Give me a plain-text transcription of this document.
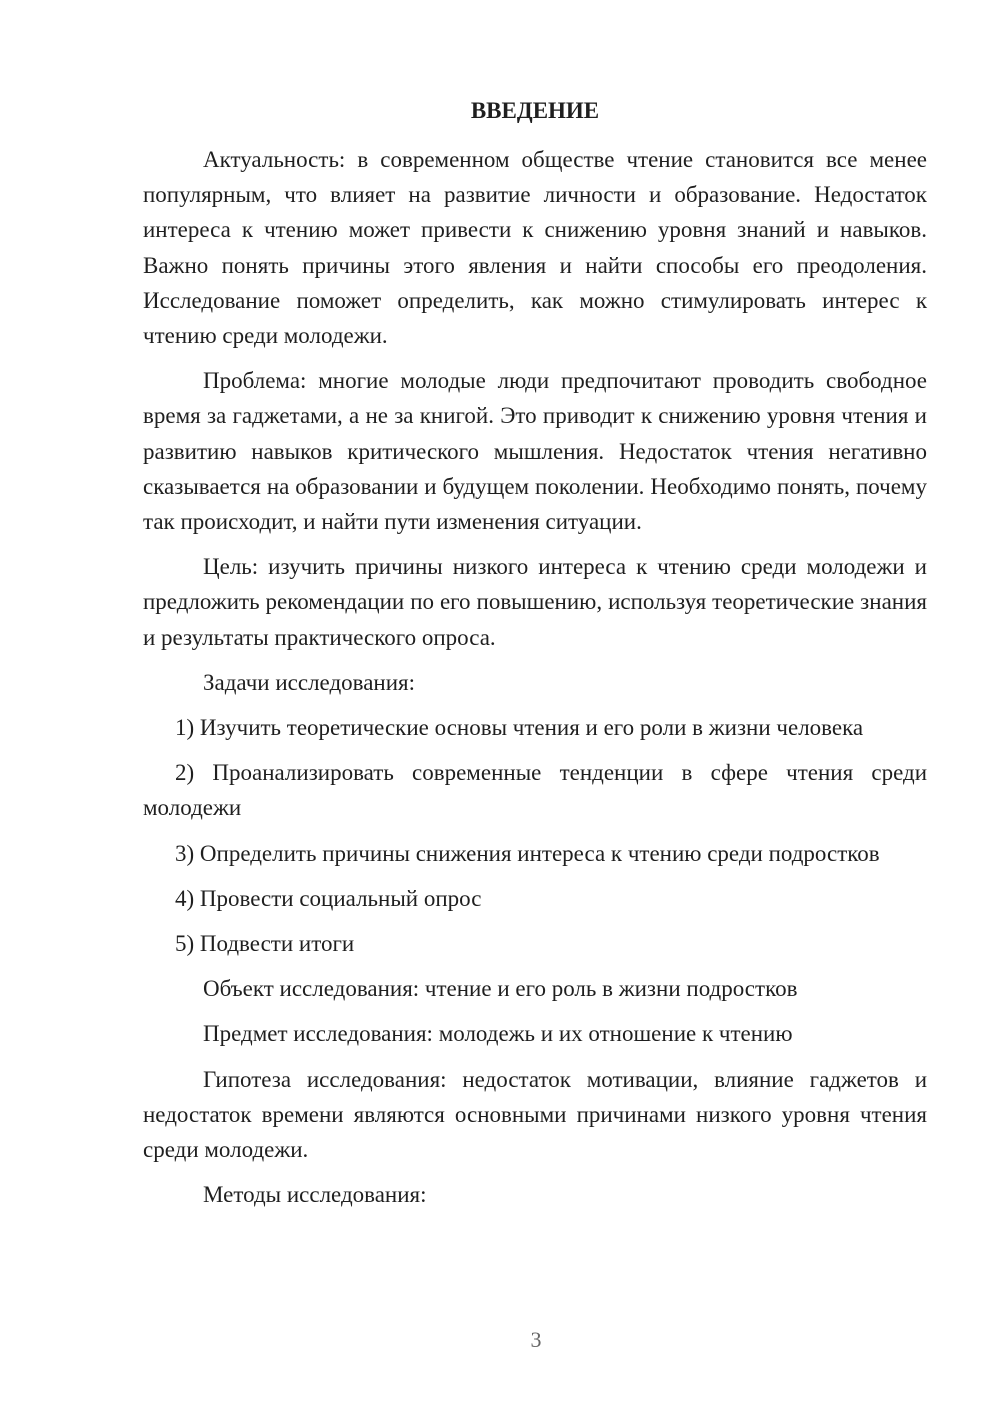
ВВЕДЕНИЕ

Актуальность: в современном обществе чтение становится все менее популярным, что влияет на развитие личности и образование. Недостаток интереса к чтению может привести к снижению уровня знаний и навыков. Важно понять причины этого явления и найти способы его преодоления. Исследование поможет определить, как можно стимулировать интерес к чтению среди молодежи.

Проблема: многие молодые люди предпочитают проводить свободное время за гаджетами, а не за книгой. Это приводит к снижению уровня чтения и развитию навыков критического мышления. Недостаток чтения негативно сказывается на образовании и будущем поколении. Необходимо понять, почему так происходит, и найти пути изменения ситуации.

Цель: изучить причины низкого интереса к чтению среди молодежи и предложить рекомендации по его повышению, используя теоретические знания и результаты практического опроса.

Задачи исследования:

1) Изучить теоретические основы чтения и его роли в жизни человека

2) Проанализировать современные тенденции в сфере чтения среди молодежи

3) Определить причины снижения интереса к чтению среди подростков

4) Провести социальный опрос

5) Подвести итоги

Объект исследования: чтение и его роль в жизни подростков

Предмет исследования: молодежь и их отношение к чтению

Гипотеза исследования: недостаток мотивации, влияние гаджетов и недостаток времени являются основными причинами низкого уровня чтения среди молодежи.

Методы исследования:

3
